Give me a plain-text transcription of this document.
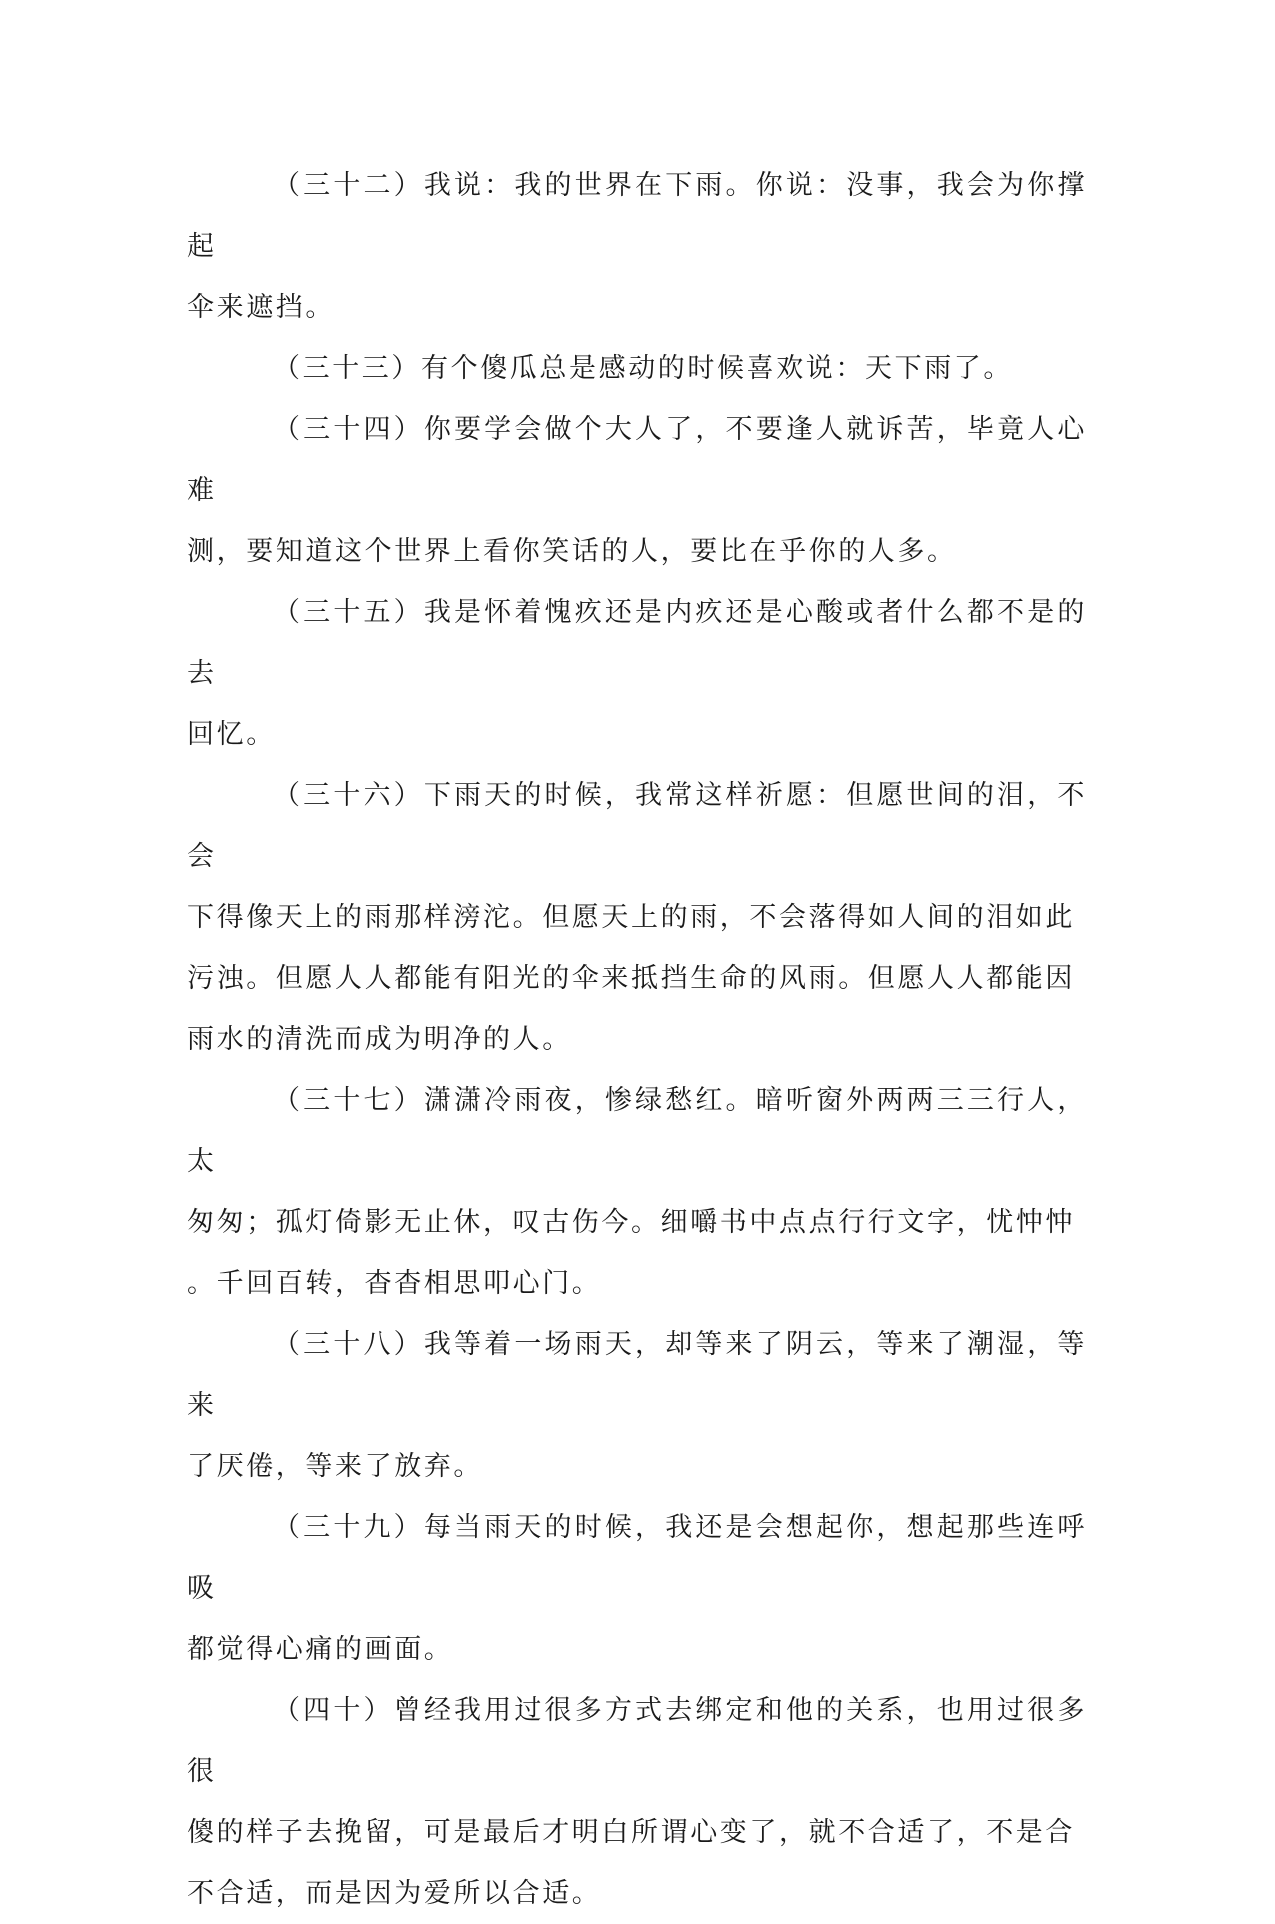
（三十二）我说：我的世界在下雨。你说：没事，我会为你撑起
伞来遮挡。

（三十三）有个傻瓜总是感动的时候喜欢说：天下雨了。

（三十四）你要学会做个大人了，不要逢人就诉苦，毕竟人心难
测，要知道这个世界上看你笑话的人，要比在乎你的人多。

（三十五）我是怀着愧疚还是内疚还是心酸或者什么都不是的去
回忆。

（三十六）下雨天的时候，我常这样祈愿：但愿世间的泪，不会
下得像天上的雨那样滂沱。但愿天上的雨，不会落得如人间的泪如此
污浊。但愿人人都能有阳光的伞来抵挡生命的风雨。但愿人人都能因
雨水的清洗而成为明净的人。

（三十七）潇潇冷雨夜，惨绿愁红。暗听窗外两两三三行人，太
匆匆；孤灯倚影无止休，叹古伤今。细嚼书中点点行行文字，忧忡忡
。千回百转，杳杳相思叩心门。

（三十八）我等着一场雨天，却等来了阴云，等来了潮湿，等来
了厌倦，等来了放弃。

（三十九）每当雨天的时候，我还是会想起你，想起那些连呼吸
都觉得心痛的画面。

（四十）曾经我用过很多方式去绑定和他的关系，也用过很多很
傻的样子去挽留，可是最后才明白所谓心变了，就不合适了，不是合
不合适，而是因为爱所以合适。
